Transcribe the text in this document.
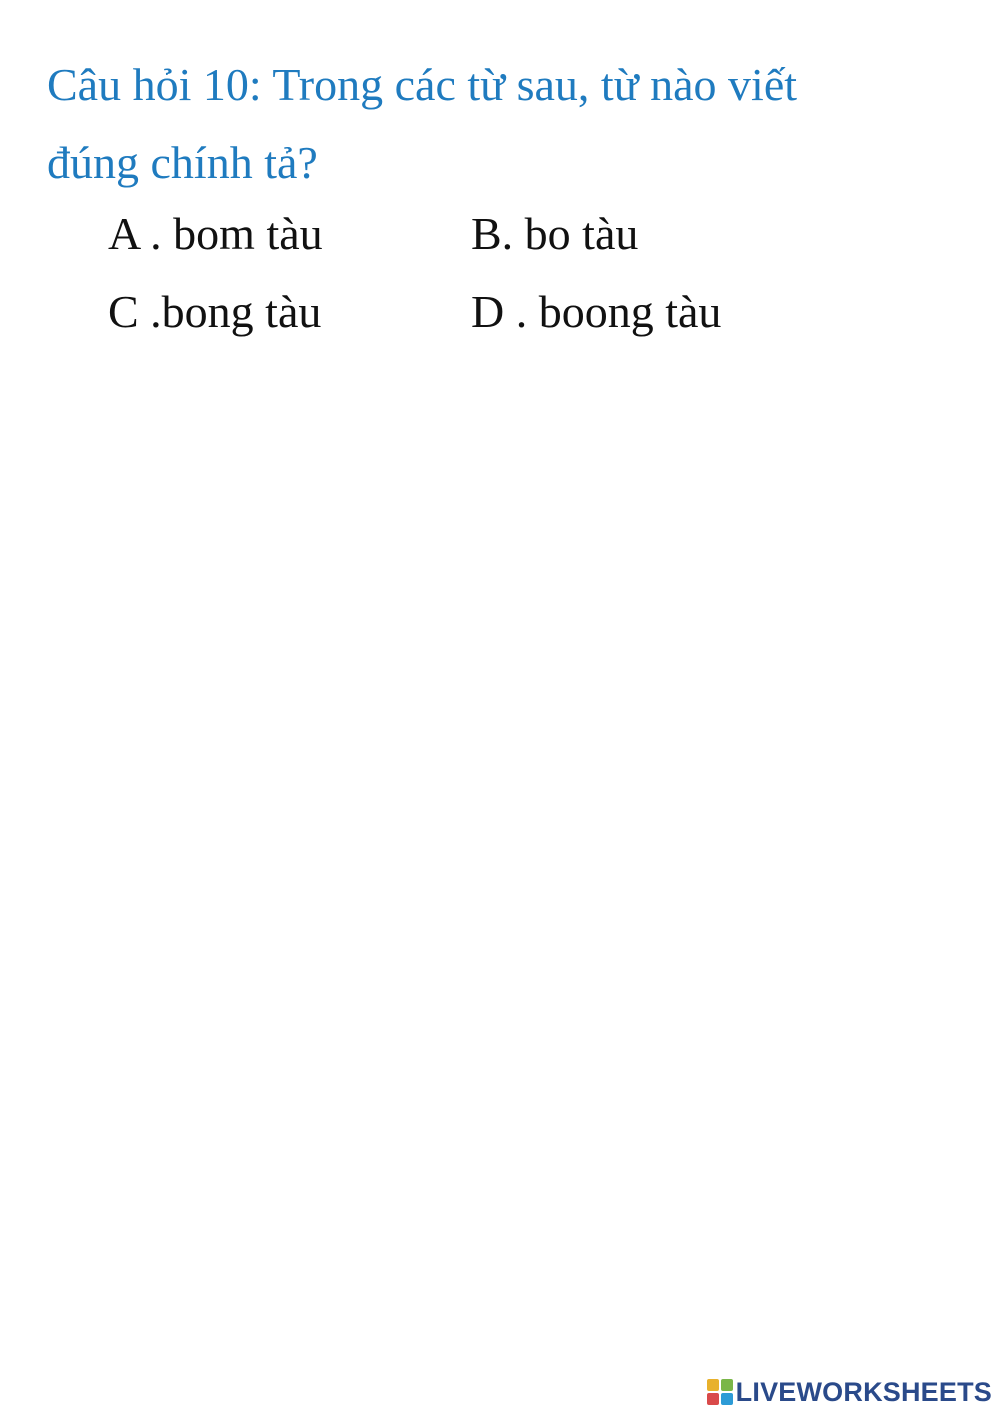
Câu hỏi 10: Trong các từ sau, từ nào viết
đúng chính tả?
A . bom tàu	B. bo tàu
C .bong tàu	D . boong tàu
LIVEWORKSHEETS
